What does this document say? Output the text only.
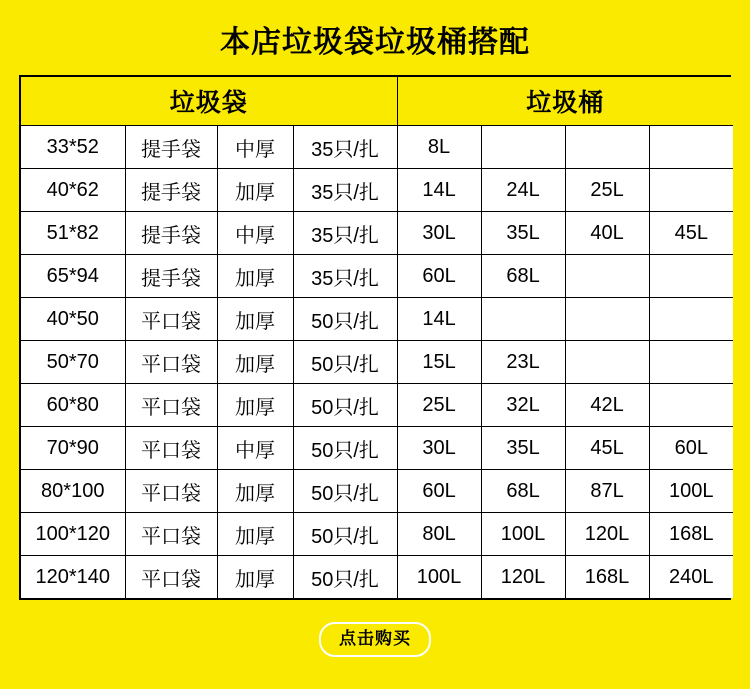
本店垃圾袋垃圾桶搭配
垃圾袋				垃圾桶			
33*52	提手袋	中厚	35只/扎	8L			
40*62	提手袋	加厚	35只/扎	14L	24L	25L	
51*82	提手袋	中厚	35只/扎	30L	35L	40L	45L
65*94	提手袋	加厚	35只/扎	60L	68L		
40*50	平口袋	加厚	50只/扎	14L			
50*70	平口袋	加厚	50只/扎	15L	23L		
60*80	平口袋	加厚	50只/扎	25L	32L	42L	
70*90	平口袋	中厚	50只/扎	30L	35L	45L	60L
80*100	平口袋	加厚	50只/扎	60L	68L	87L	100L
100*120	平口袋	加厚	50只/扎	80L	100L	120L	168L
120*140	平口袋	加厚	50只/扎	100L	120L	168L	240L
点击购买
